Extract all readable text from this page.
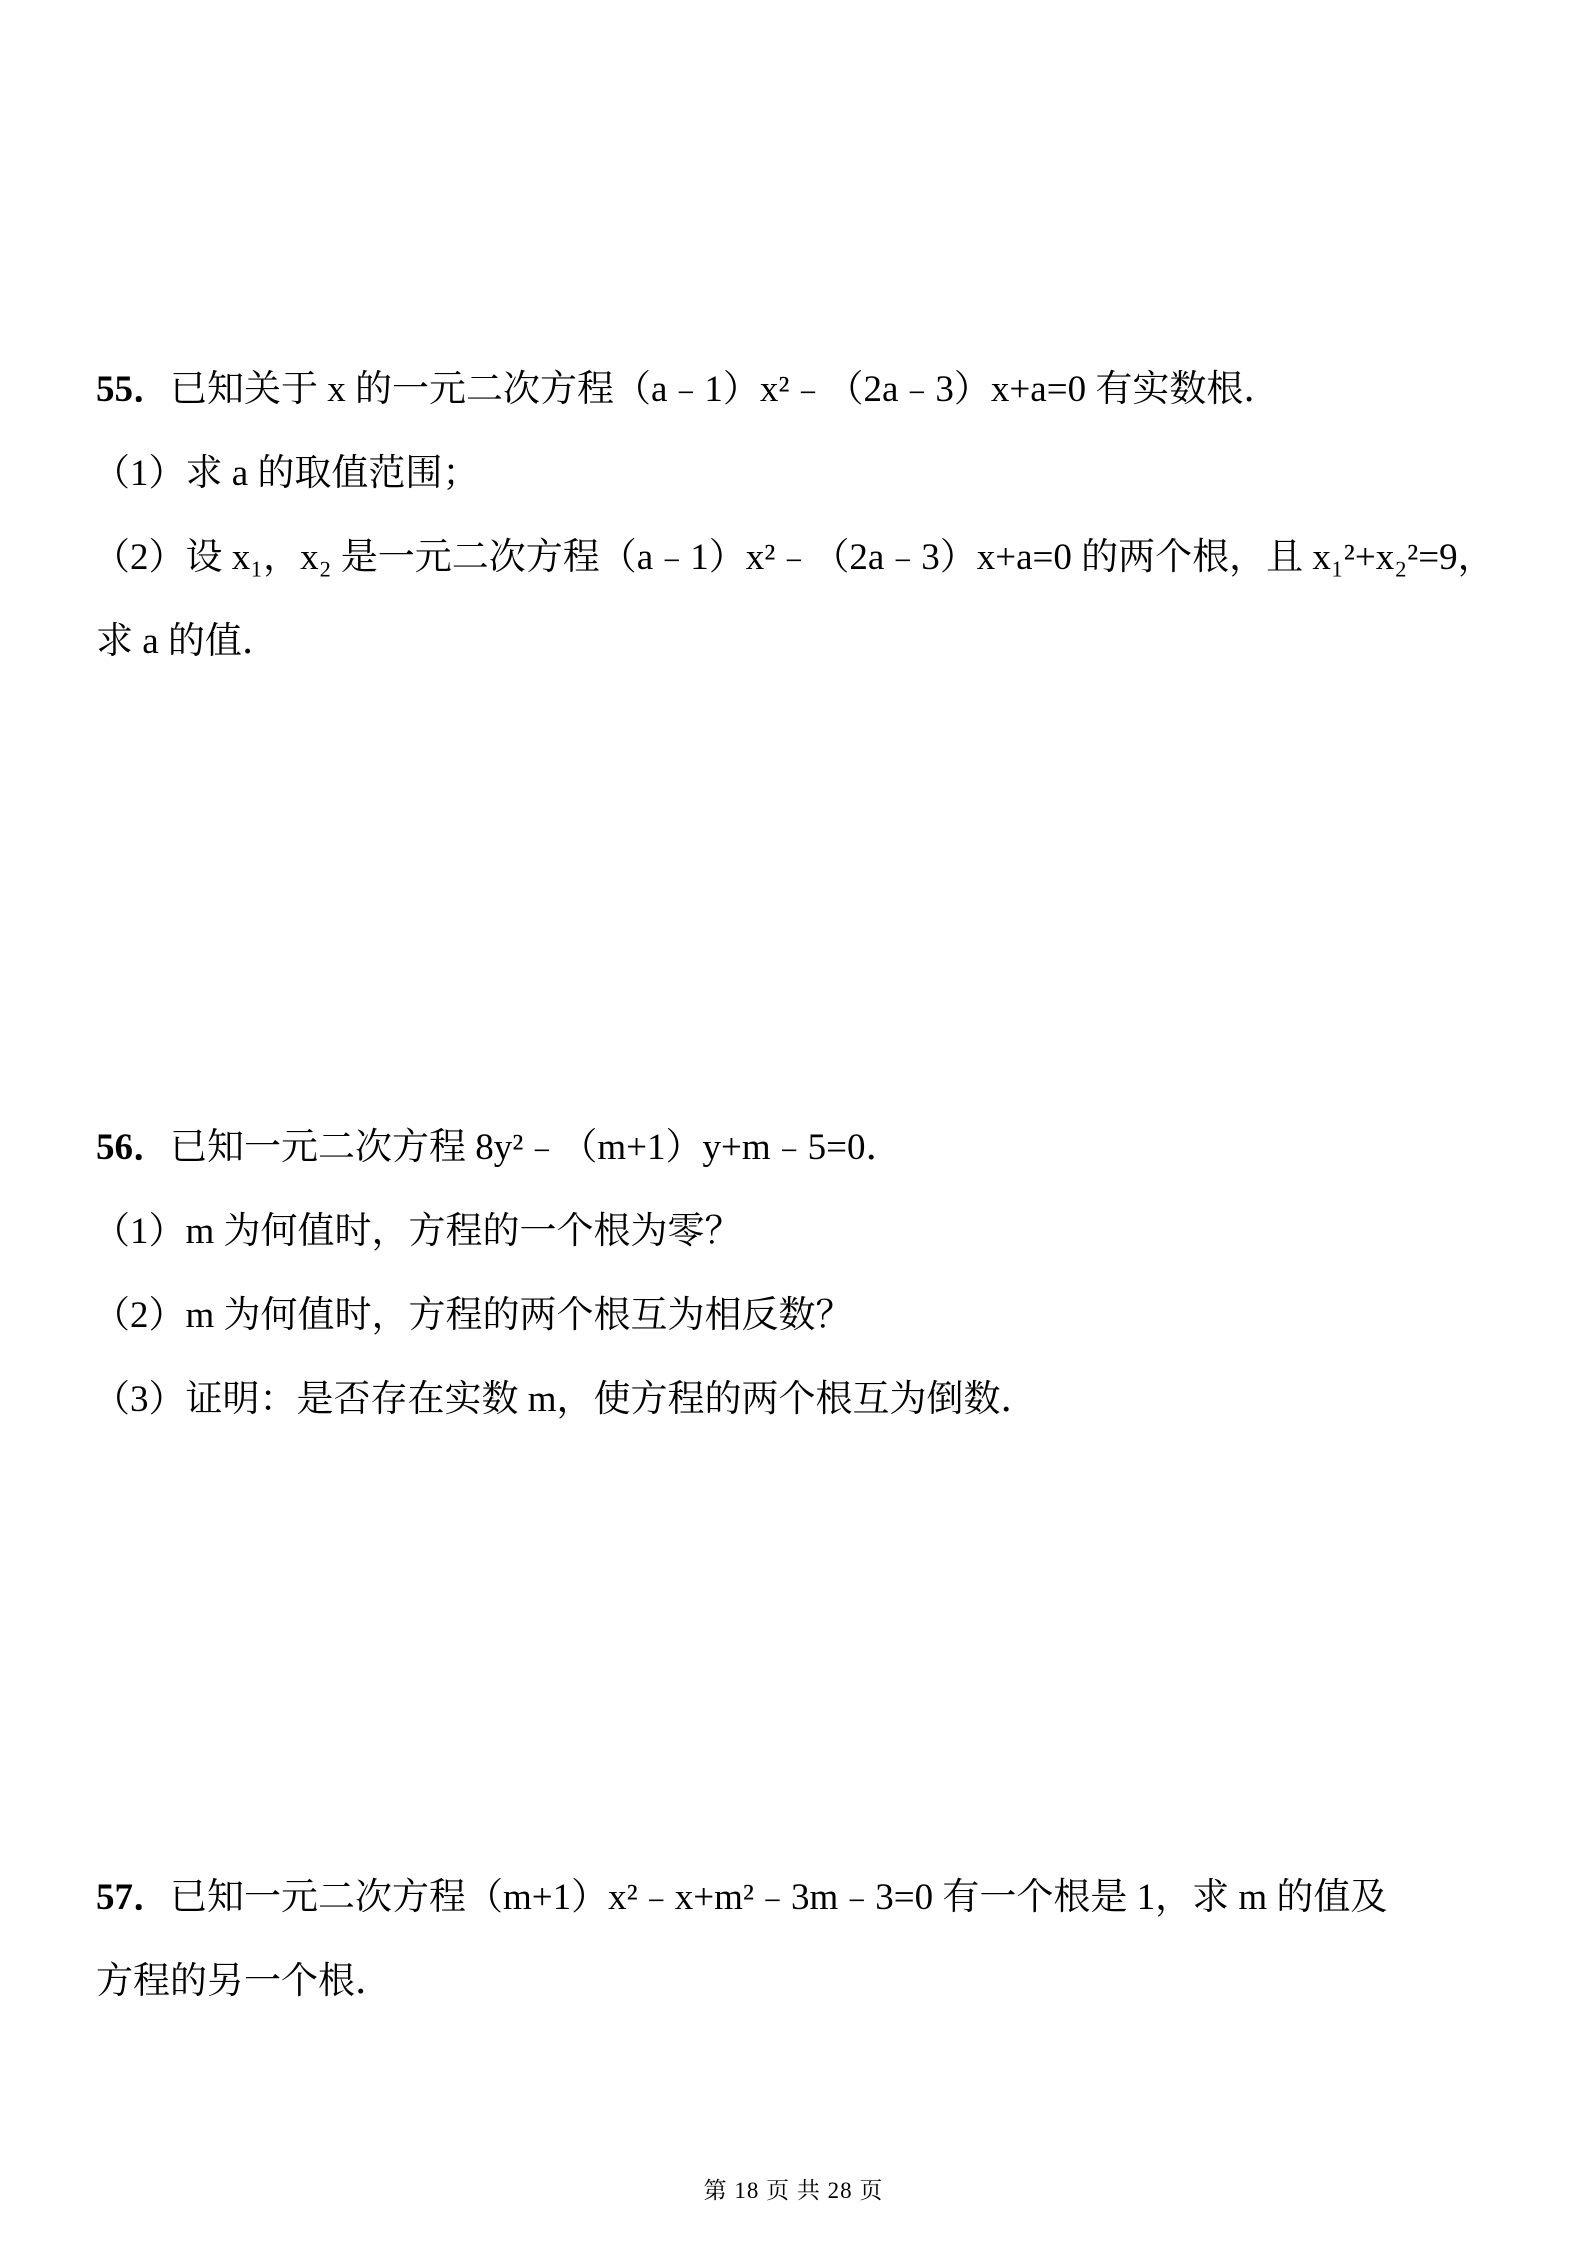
55．已知关于 x 的一元二次方程（a﹣1）x²﹣（2a﹣3）x+a=0 有实数根．
（1）求 a 的取值范围；
（2）设 x₁，x₂ 是一元二次方程（a﹣1）x²﹣（2a﹣3）x+a=0 的两个根，且 x₁²+x₂²=9，
求 a 的值．
56．已知一元二次方程 8y²﹣（m+1）y+m﹣5=0．
（1）m 为何值时，方程的一个根为零？
（2）m 为何值时，方程的两个根互为相反数？
（3）证明：是否存在实数 m，使方程的两个根互为倒数．
57．已知一元二次方程（m+1）x²﹣x+m²﹣3m﹣3=0 有一个根是 1，求 m 的值及
方程的另一个根．
第 18 页 共 28 页
